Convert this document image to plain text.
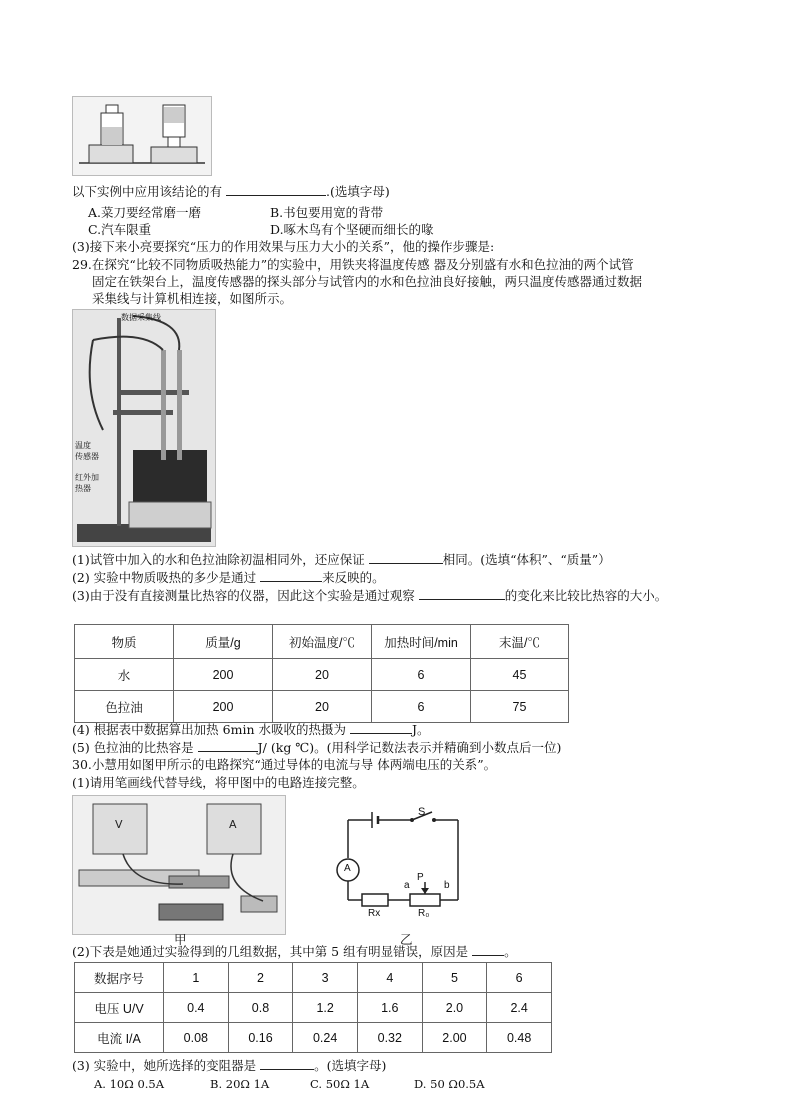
以下实例中应用该结论的有	.(选填字母)
A.菜刀要经常磨一磨	B.书包要用宽的背带
C.汽车限重	D.啄木鸟有个坚硬而细长的喙
(3)接下来小亮要探究“压力的作用效果与压力大小的关系”，他的操作步骤是:
29.在探究“比较不同物质吸热能力”的实验中，用铁夹将温度传感 器及分别盛有水和色拉油的两个试管
固定在铁架台上，温度传感器的探头部分与试管内的水和色拉油良好接触，两只温度传感器通过数据
采集线与计算机相连接，如图所示。
数据采集线
温度
传感器
红外加
热器
(1)试管中加入的水和色拉油除初温相同外，还应保证	相同。(选填“体积”、“质量”）
(2) 实验中物质吸热的多少是通过	来反映的。
(3)由于没有直接测量比热容的仪器，因此这个实验是通过观察	的变化来比较比热容的大小。
物质	质量/g	初始温度/℃	加热时间/min	末温/℃
水	200	20	6	45
色拉油	200	20	6	75
(4) 根据表中数据算出加热 6min 水吸收的热摄为	J。
(5) 色拉油的比热容是	J/ (kg ℃)。(用科学记数法表示并精确到小数点后一位)
30.小慧用如图甲所示的电路探究“通过导体的电流与导 体两端电压的关系”。
(1)请用笔画线代替导线，将甲图中的电路连接完整。
V	A
甲
S
A
a
P
b
Rx	R₀
乙
(2)下表是她通过实验得到的几组数据，其中第 5 组有明显错误，原因是	。
数据序号	1	2	3	4	5	6
电压 U/V	0.4	0.8	1.2	1.6	2.0	2.4
电流 I/A	0.08	0.16	0.24	0.32	2.00	0.48
(3) 实验中，她所选择的变阻器是	。(选填字母)
A. 10Ω 0.5A	B. 20Ω 1A	C. 50Ω 1A	D. 50 Ω0.5A
